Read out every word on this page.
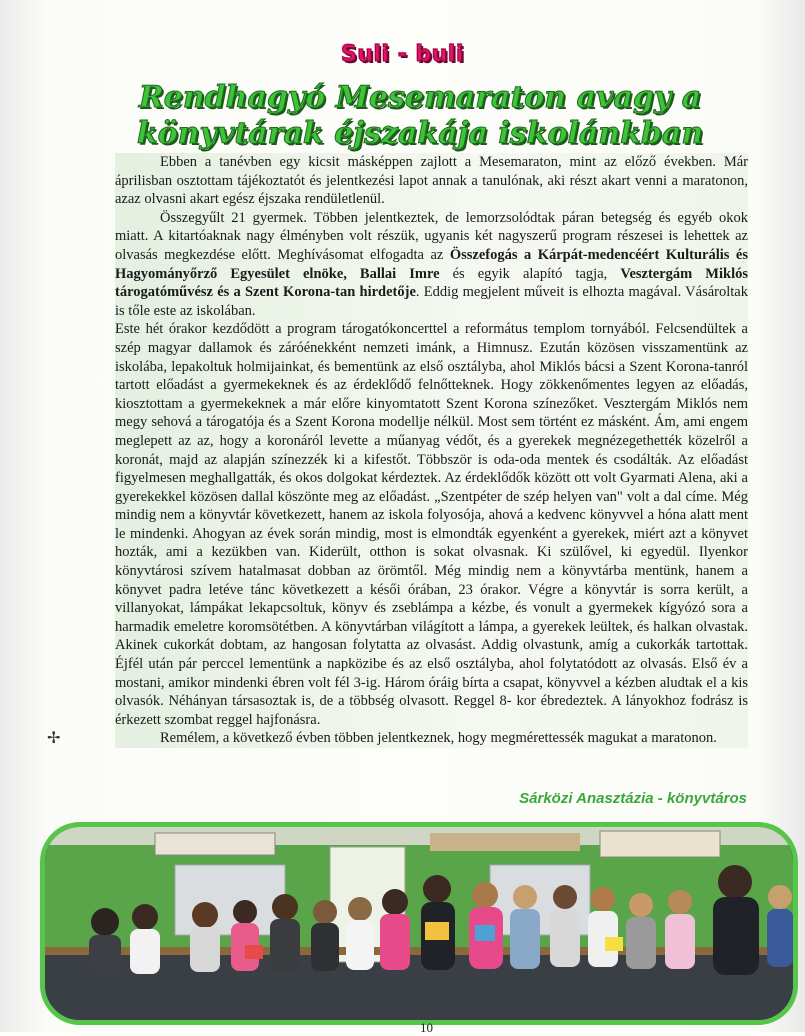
Suli - buli
Rendhagyó Mesemaraton avagy a könyvtárak éjszakája iskolánkban

Ebben a tanévben egy kicsit másképpen zajlott a Mesemaraton, mint az előző években. Már áprilisban osztottam tájékoztatót és jelentkezési lapot annak a tanulónak, aki részt akart venni a maratonon, azaz olvasni akart egész éjszaka rendületlenül.

Összegyűlt 21 gyermek. Többen jelentkeztek, de lemorzsolódtak páran betegség és egyéb okok miatt. A kitartóaknak nagy élményben volt részük, ugyanis két nagyszerű program részesei is lehettek az olvasás megkezdése előtt. Meghívásomat elfogadta az Összefogás a Kárpát-medencéért Kulturális és Hagyományőrző Egyesület elnöke, Ballai Imre és egyik alapító tagja, Vesztergám Miklós tárogatóművész és a Szent Korona-tan hirdetője. Eddig megjelent műveit is elhozta magával. Vásároltak is tőle este az iskolában.

Este hét órakor kezdődött a program tárogatókoncerttel a református templom tornyából. Felcsendültek a szép magyar dallamok és záróénekként nemzeti imánk, a Himnusz. Ezután közösen visszamentünk az iskolába, lepakoltuk holmijainkat, és bementünk az első osztályba, ahol Miklós bácsi a Szent Korona-tanról tartott előadást a gyermekeknek és az érdeklődő felnőtteknek. Hogy zökkenőmentes legyen az előadás, kiosztottam a gyermekeknek a már előre kinyomtatott Szent Korona színezőket. Vesztergám Miklós nem megy sehová a tárogatója és a Szent Korona modellje nélkül. Most sem történt ez másként. Ám, ami engem meglepett az az, hogy a koronáról levette a műanyag védőt, és a gyerekek megnézegethették közelről a koronát, majd az alapján színezzék ki a kifestőt. Többször is oda-oda mentek és csodálták. Az előadást figyelmesen meghallgatták, és okos dolgokat kérdeztek. Az érdeklődők között ott volt Gyarmati Alena, aki a gyerekekkel közösen dallal köszönte meg az előadást. „Szentpéter de szép helyen van" volt a dal címe. Még mindig nem a könyvtár következett, hanem az iskola folyosója, ahová a kedvenc könyvvel a hóna alatt ment le mindenki. Ahogyan az évek során mindig, most is elmondták egyenként a gyerekek, miért azt a könyvet hozták, ami a kezükben van. Kiderült, otthon is sokat olvasnak. Ki szülővel, ki egyedül. Ilyenkor könyvtárosi szívem hatalmasat dobban az örömtől. Még mindig nem a könyvtárba mentünk, hanem a könyvet padra letéve tánc következett a késői órában, 23 órakor. Végre a könyvtár is sorra került, a villanyokat, lámpákat lekapcsoltuk, könyv és zseblámpa a kézbe, és vonult a gyermekek kígyózó sora a harmadik emeletre koromsötétben. A könyvtárban világított a lámpa, a gyerekek leültek, és halkan olvastak. Akinek cukorkát dobtam, az hangosan folytatta az olvasást. Addig olvastunk, amíg a cukorkák tartottak. Éjfél után pár perccel lementünk a napközibe és az első osztályba, ahol folytatódott az olvasás. Első év a mostani, amikor mindenki ébren volt fél 3-ig. Három óráig bírta a csapat, könyvvel a kézben aludtak el a kis olvasók. Néhányan társasoztak is, de a többség olvasott. Reggel 8- kor ébredeztek. A lányokhoz fodrász is érkezett szombat reggel hajfonásra.

Remélem, a következő évben többen jelentkeznek, hogy megmérettessék magukat a maratonon.

Sárközi Anasztázia - könyvtáros
✢
10
